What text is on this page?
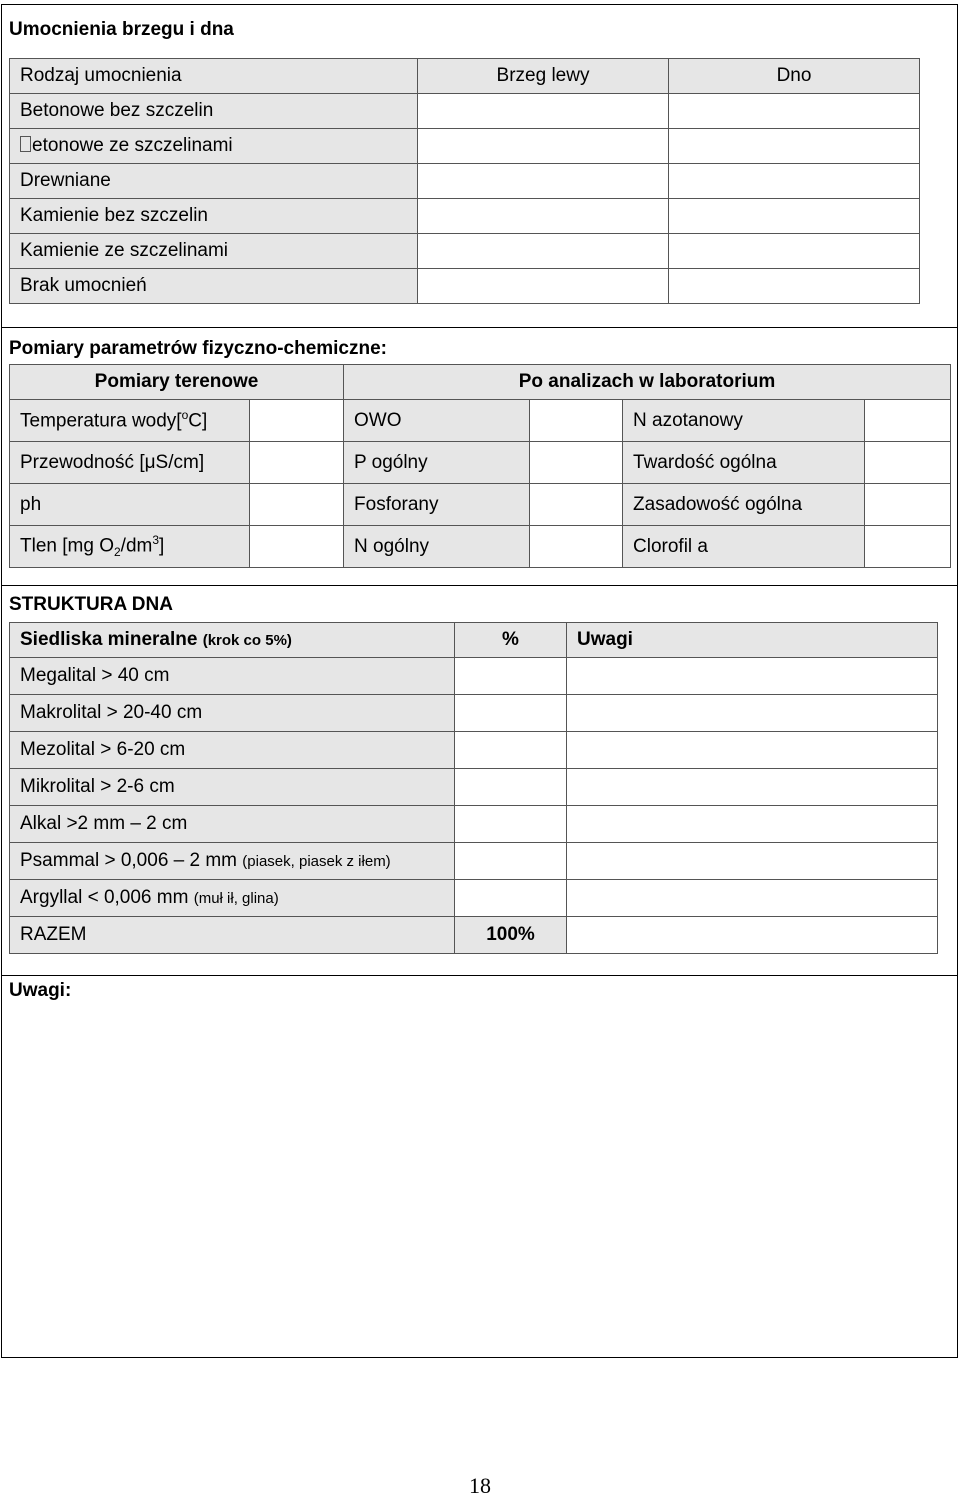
Umocnienia brzegu i dna
Rodzaj umocnienia	Brzeg lewy	Dno
Betonowe bez szczelin		
etonowe ze szczelinami		
Drewniane		
Kamienie bez szczelin		
Kamienie ze szczelinami		
Brak umocnień		
Pomiary parametrów fizyczno-chemiczne:
Pomiary terenowe		Po analizach w laboratorium			
Temperatura wody[$^o$C]		OWO		N azotanowy	
Przewodność [μS/cm]		P ogólny		Twardość ogólna	
ph		Fosforany		Zasadowość ogólna	
Tlen [mg $O_2/dm^3$]		N ogólny		Clorofil a	
STRUKTURA DNA
Siedliska mineralne (krok co 5%)	%	Uwagi
Megalital > 40 cm		
Makrolital > 20-40 cm		
Mezolital > 6-20 cm		
Mikrolital > 2-6 cm		
Alkal >2 mm – 2 cm		
Psammal > 0,006 – 2 mm (piasek, piasek z iłem)		
Argyllal < 0,006 mm (muł ił, glina)		
RAZEM	100%	
Uwagi:
18
